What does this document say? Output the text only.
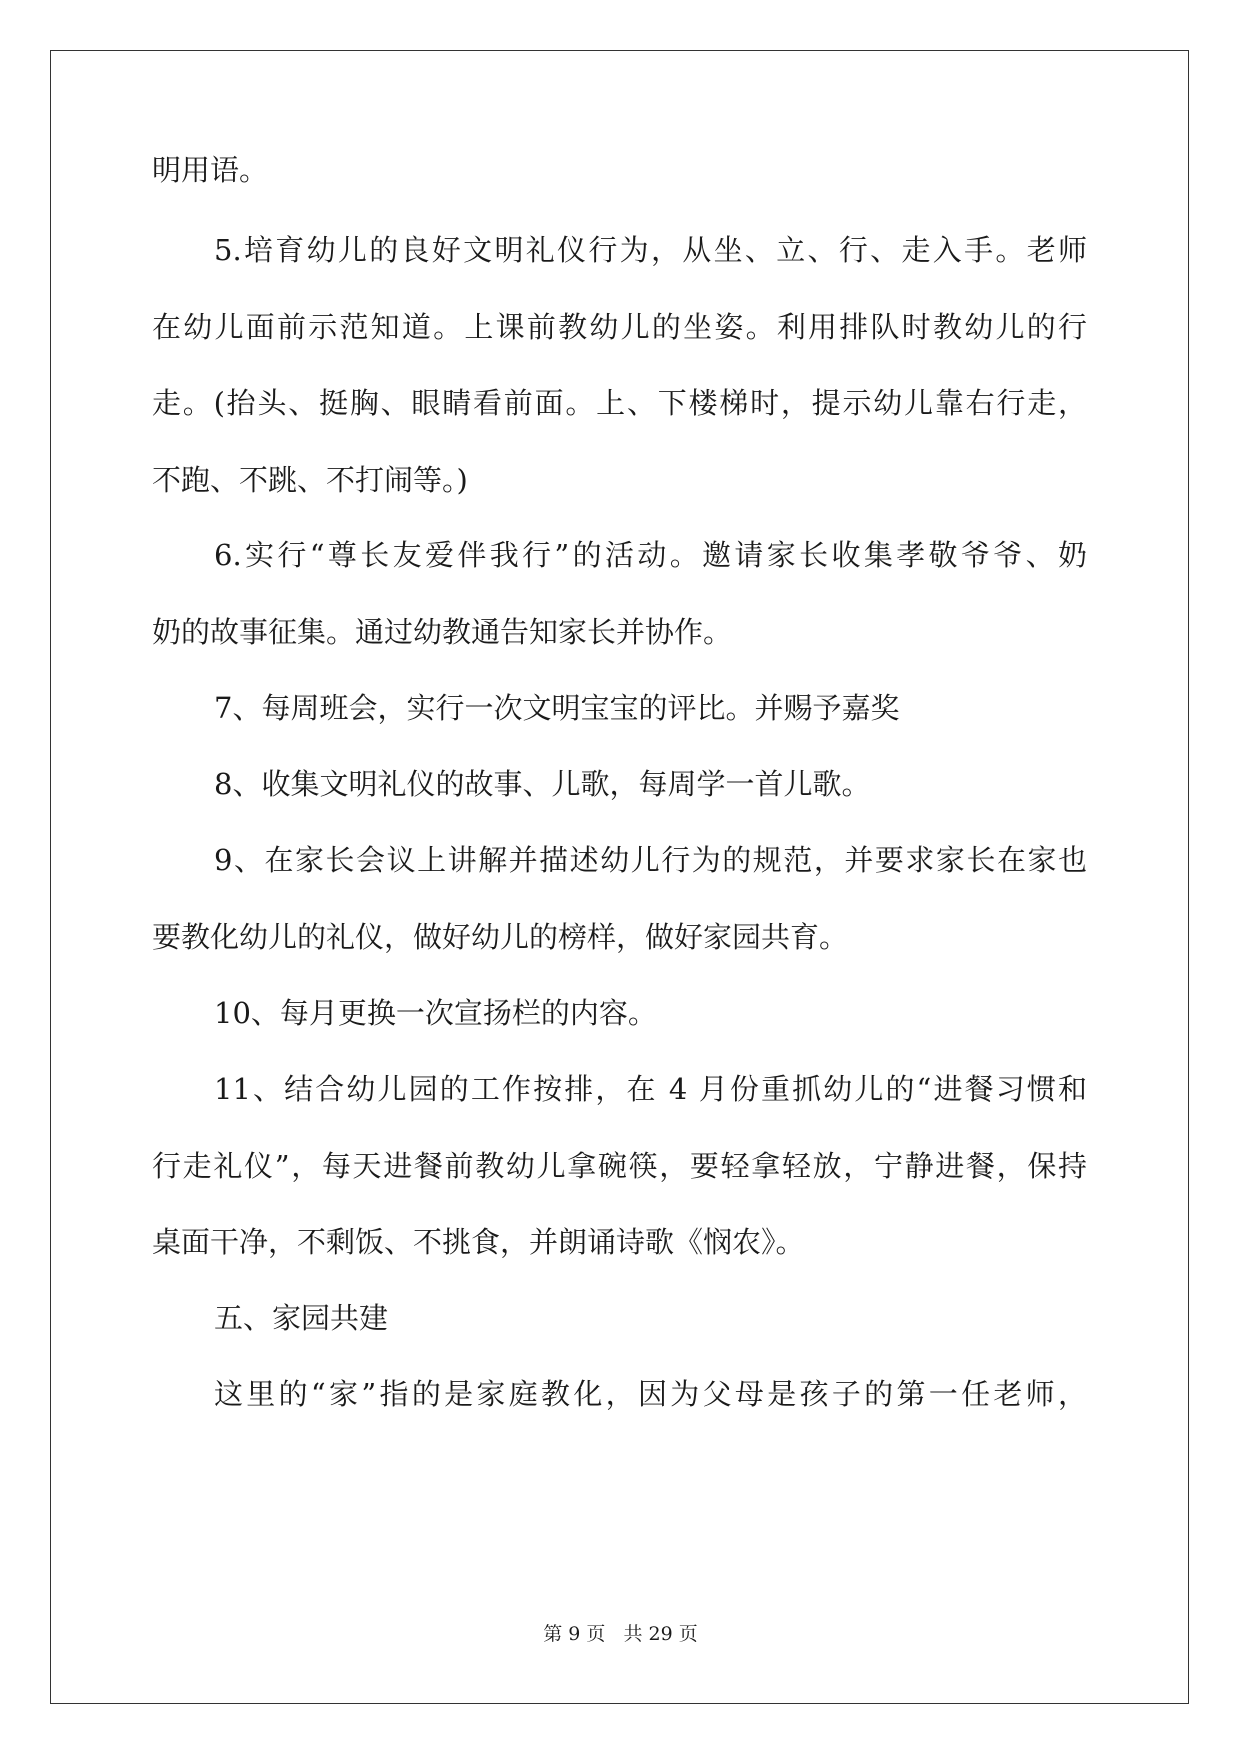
明用语。
5.培育幼儿的良好文明礼仪行为，从坐、立、行、走入手。老师
在幼儿面前示范知道。上课前教幼儿的坐姿。利用排队时教幼儿的行
走。(抬头、挺胸、眼睛看前面。上、下楼梯时，提示幼儿靠右行走，
不跑、不跳、不打闹等。)
6.实行“尊长友爱伴我行”的活动。邀请家长收集孝敬爷爷、奶
奶的故事征集。通过幼教通告知家长并协作。
7、每周班会，实行一次文明宝宝的评比。并赐予嘉奖
8、收集文明礼仪的故事、儿歌，每周学一首儿歌。
9、在家长会议上讲解并描述幼儿行为的规范，并要求家长在家也
要教化幼儿的礼仪，做好幼儿的榜样，做好家园共育。
10、每月更换一次宣扬栏的内容。
11、结合幼儿园的工作按排，在 4 月份重抓幼儿的“进餐习惯和
行走礼仪”，每天进餐前教幼儿拿碗筷，要轻拿轻放，宁静进餐，保持
桌面干净，不剩饭、不挑食，并朗诵诗歌《悯农》。
五、家园共建
这里的“家”指的是家庭教化，因为父母是孩子的第一任老师，
第 9 页 共 29 页
